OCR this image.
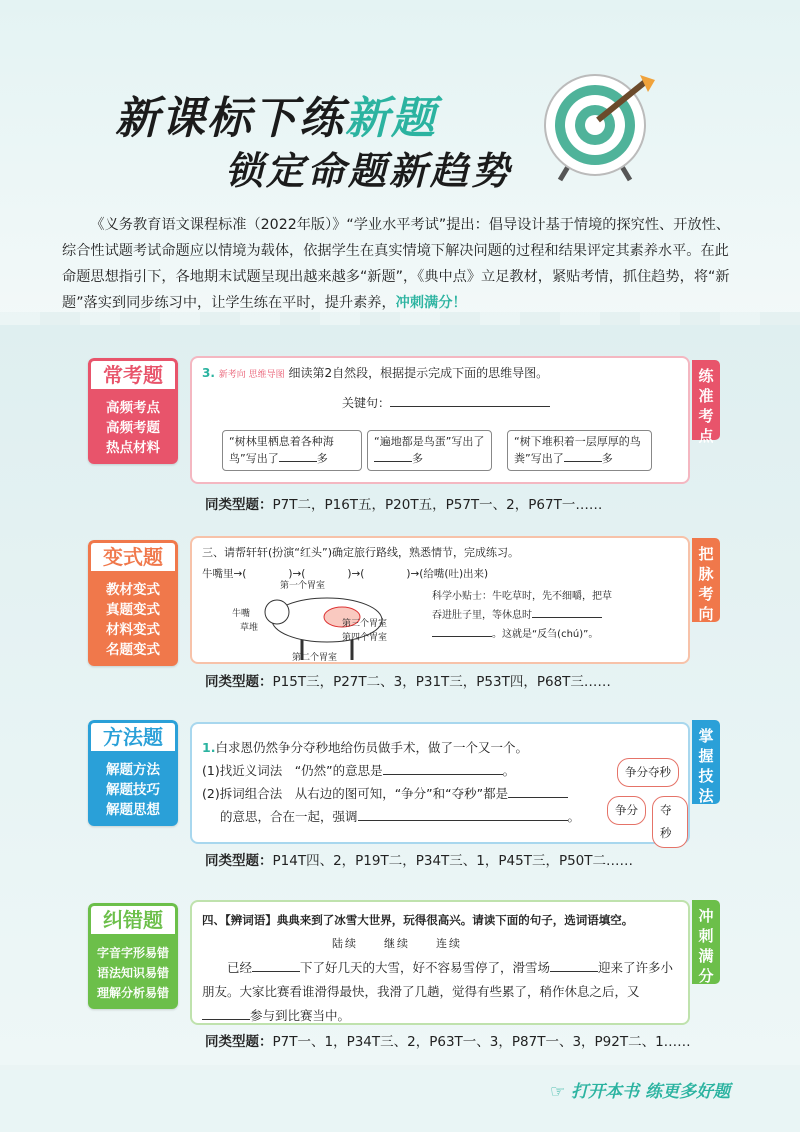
新课标下练新题
锁定命题新趋势
《义务教育语文课程标准（2022年版）》“学业水平考试”提出：倡导设计基于情境的探究性、开放性、综合性试题考试命题应以情境为载体，依据学生在真实情境下解决问题的过程和结果评定其素养水平。在此命题思想指引下，各地期末试题呈现出越来越多“新题”，《典中点》立足教材，紧贴考情，抓住趋势，将“新题”落实到同步练习中，让学生练在平时，提升素养，冲刺满分！
常考题
高频考点
高频考题
热点材料
3. 新考向 思维导图 细读第2自然段，根据提示完成下面的思维导图。
关键句：
“树林里栖息着各种海鸟”写出了	多
“遍地都是鸟蛋”写出了多
“树下堆积着一层厚厚的鸟粪”写出了	多
练准考点
同类型题：P7T二，P16T五，P20T五，P57T一、2，P67T一……
变式题
教材变式
真题变式
材料变式
名题变式
三、请帮轩轩(扮演“红头”)确定旅行路线，熟悉情节，完成练习。
牛嘴里→(　　　　)→(　　　　)→(　　　　)→(给嘴(吐)出来)
第一个胃室
第三个胃室
第四个胃室
第二个胃室
牛嘴
草堆
科学小贴士：牛吃草时，先不细嚼，把草吞进肚子里，等休息时
。这就是“反刍(chú)”。
把脉考向
同类型题：P15T三，P27T二、3，P31T三，P53T四，P68T三……
方法题
解题方法
解题技巧
解题思想
1.白求恩仍然争分夺秒地给伤员做手术，做了一个又一个。
(1)找近义词法　“仍然”的意思是	。
(2)拆词组合法　从右边的图可知，“争分”和“夺秒”都是
的意思，合在一起，强调	。
争分夺秒
争分	夺秒
掌握技法
同类型题：P14T四、2，P19T二，P34T三、1，P45T三，P50T二……
纠错题
字音字形易错
语法知识易错
理解分析易错
四、【辨词语】典典来到了冰雪大世界，玩得很高兴。请读下面的句子，选词语填空。
陆续　　 继续　　 连续
已经	下了好几天的大雪，好不容易雪停了，滑雪场	迎来了许多小朋友。大家比赛看谁滑得最快，我滑了几趟，觉得有些累了，稍作休息之后，又参与到比赛当中。
冲刺满分
同类型题：P7T一、1，P34T三、2，P63T一、3，P87T一、3，P92T二、1……
☞ 打开本书 练更多好题
